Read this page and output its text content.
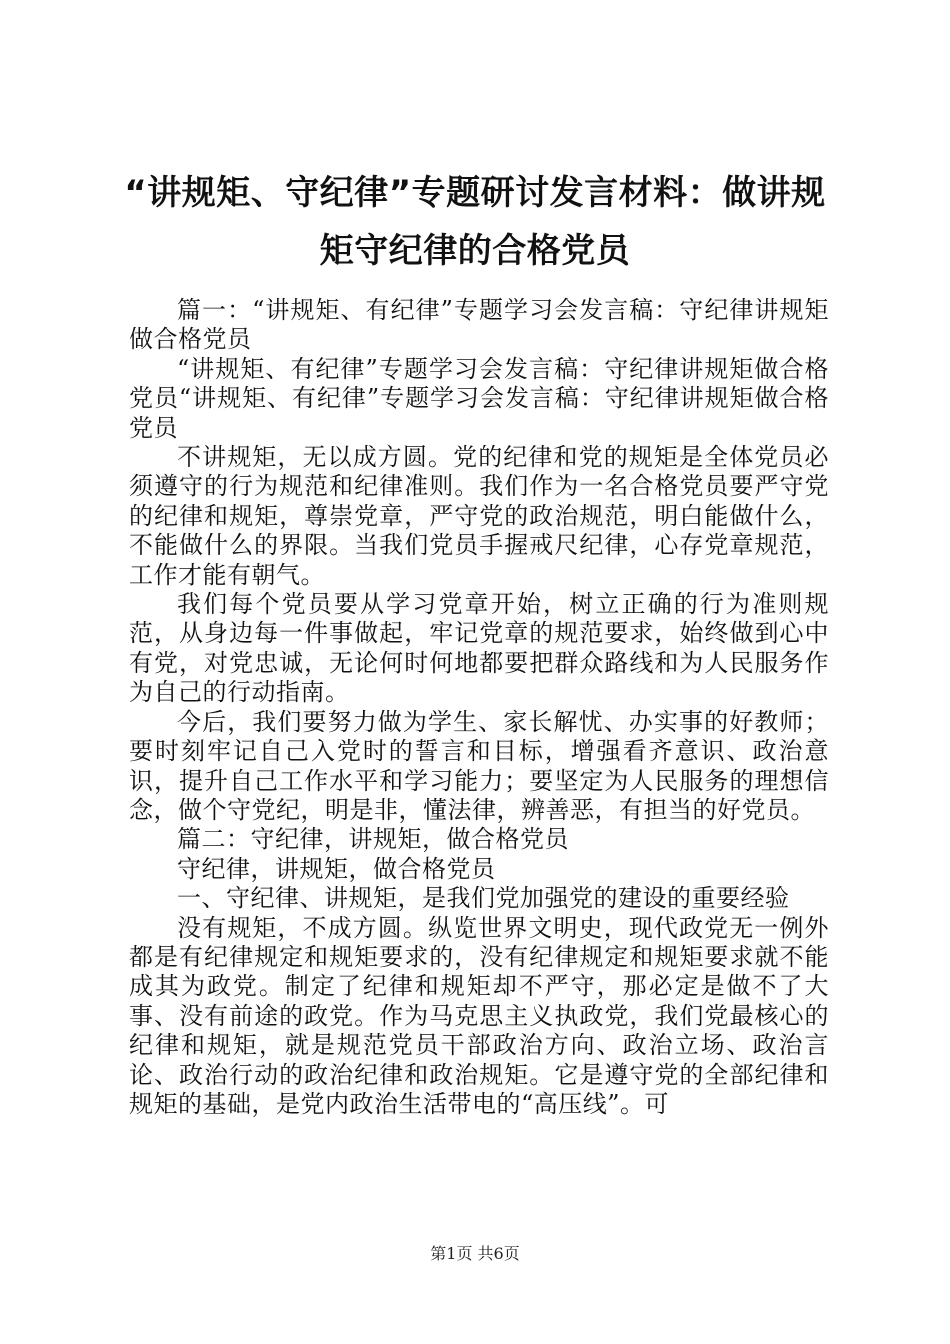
“讲规矩、守纪律”专题研讨发言材料：做讲规矩守纪律的合格党员

篇一：“讲规矩、有纪律”专题学习会发言稿：守纪律讲规矩做合格党员

“讲规矩、有纪律”专题学习会发言稿：守纪律讲规矩做合格党员“讲规矩、有纪律”专题学习会发言稿：守纪律讲规矩做合格党员

不讲规矩，无以成方圆。党的纪律和党的规矩是全体党员必须遵守的行为规范和纪律准则。我们作为一名合格党员要严守党的纪律和规矩，尊崇党章，严守党的政治规范，明白能做什么，不能做什么的界限。当我们党员手握戒尺纪律，心存党章规范，工作才能有朝气。

我们每个党员要从学习党章开始，树立正确的行为准则规范，从身边每一件事做起，牢记党章的规范要求，始终做到心中有党，对党忠诚，无论何时何地都要把群众路线和为人民服务作为自己的行动指南。

今后，我们要努力做为学生、家长解忧、办实事的好教师；要时刻牢记自己入党时的誓言和目标，增强看齐意识、政治意识，提升自己工作水平和学习能力；要坚定为人民服务的理想信念，做个守党纪，明是非，懂法律，辨善恶，有担当的好党员。

篇二：守纪律，讲规矩，做合格党员

守纪律，讲规矩，做合格党员

一、守纪律、讲规矩，是我们党加强党的建设的重要经验

没有规矩，不成方圆。纵览世界文明史，现代政党无一例外都是有纪律规定和规矩要求的，没有纪律规定和规矩要求就不能成其为政党。制定了纪律和规矩却不严守，那必定是做不了大事、没有前途的政党。作为马克思主义执政党，我们党最核心的纪律和规矩，就是规范党员干部政治方向、政治立场、政治言论、政治行动的政治纪律和政治规矩。它是遵守党的全部纪律和规矩的基础，是党内政治生活带电的“高压线”。可

第1页 共6页
